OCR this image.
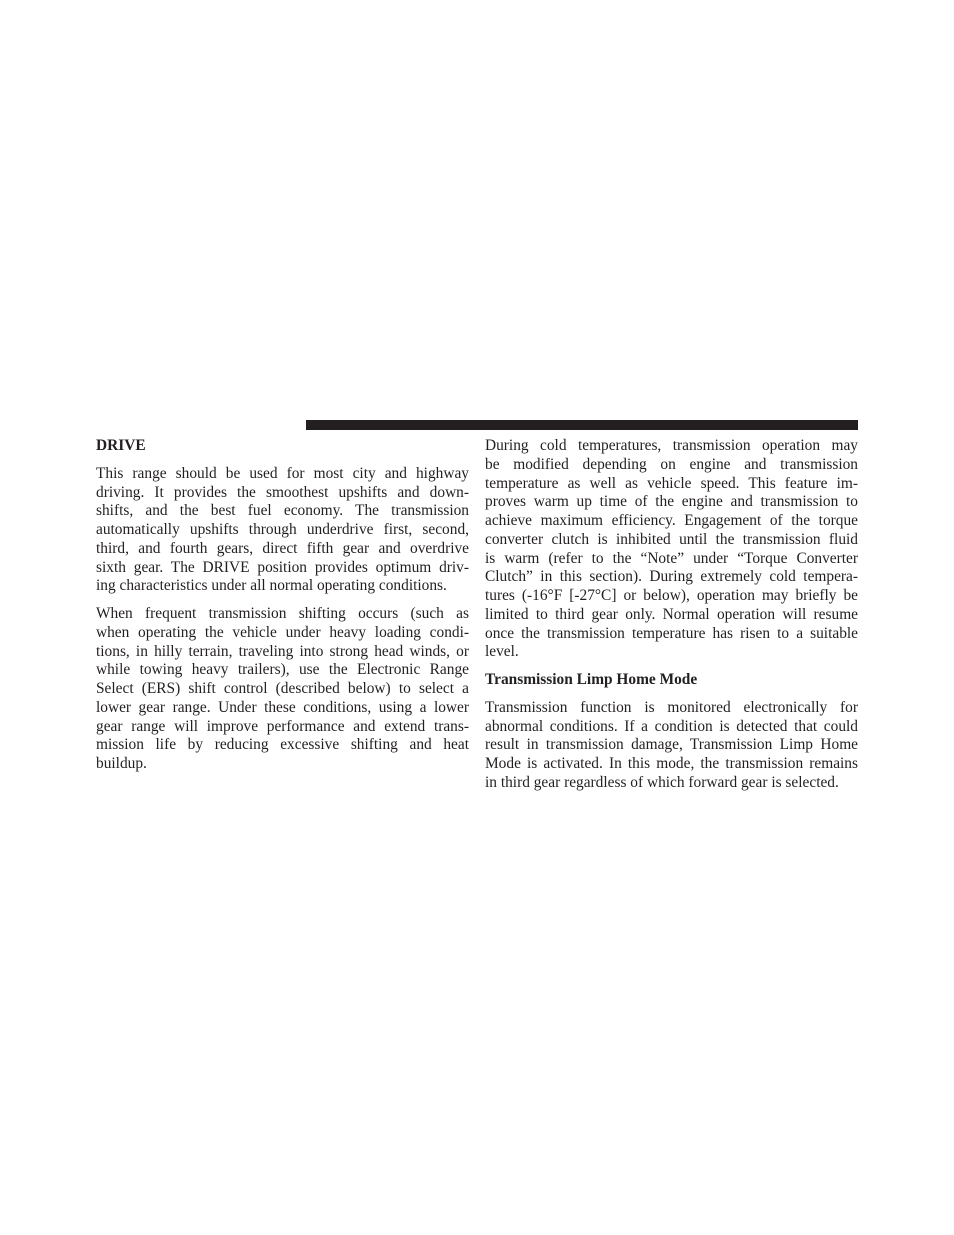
DRIVE
This range should be used for most city and highway
driving. It provides the smoothest upshifts and down-
shifts, and the best fuel economy. The transmission
automatically upshifts through underdrive first, second,
third, and fourth gears, direct fifth gear and overdrive
sixth gear. The DRIVE position provides optimum driv-
ing characteristics under all normal operating conditions.
When frequent transmission shifting occurs (such as
when operating the vehicle under heavy loading condi-
tions, in hilly terrain, traveling into strong head winds, or
while towing heavy trailers), use the Electronic Range
Select (ERS) shift control (described below) to select a
lower gear range. Under these conditions, using a lower
gear range will improve performance and extend trans-
mission life by reducing excessive shifting and heat
buildup.
During cold temperatures, transmission operation may
be modified depending on engine and transmission
temperature as well as vehicle speed. This feature im-
proves warm up time of the engine and transmission to
achieve maximum efficiency. Engagement of the torque
converter clutch is inhibited until the transmission fluid
is warm (refer to the “Note” under “Torque Converter
Clutch” in this section). During extremely cold tempera-
tures (-16°F [-27°C] or below), operation may briefly be
limited to third gear only. Normal operation will resume
once the transmission temperature has risen to a suitable
level.
Transmission Limp Home Mode
Transmission function is monitored electronically for
abnormal conditions. If a condition is detected that could
result in transmission damage, Transmission Limp Home
Mode is activated. In this mode, the transmission remains
in third gear regardless of which forward gear is selected.
